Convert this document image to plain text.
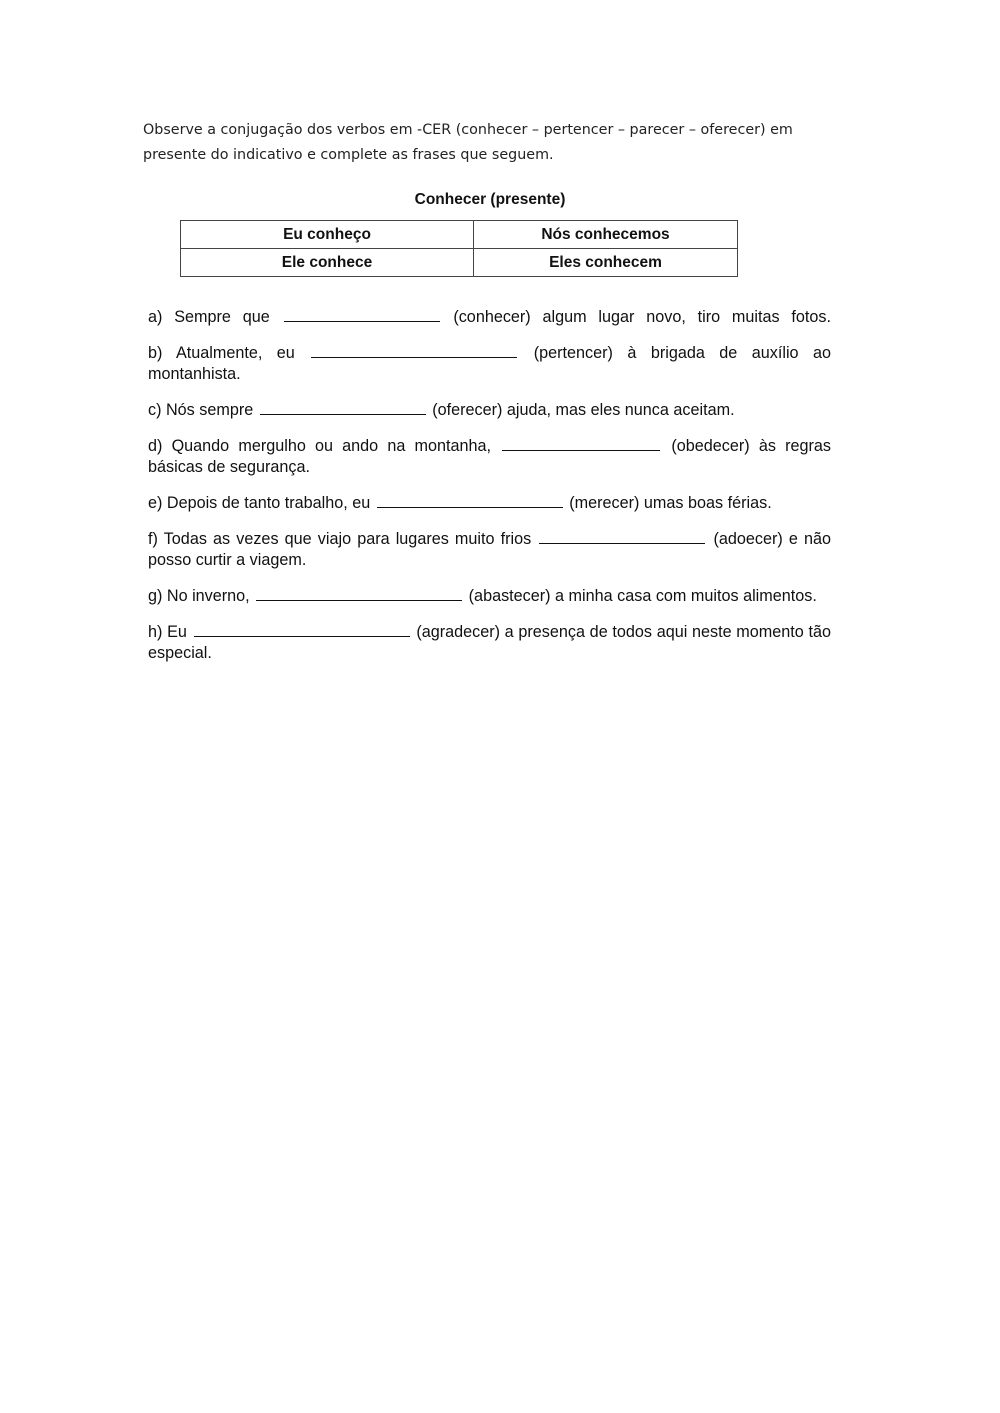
Observe a conjugação dos verbos em -CER (conhecer – pertencer – parecer – oferecer) em presente do indicativo e complete as frases que seguem.
Conhecer (presente)
Eu conheço	Nós conhecemos
Ele conhece	Eles conhecem
a) Sempre que	(conhecer) algum lugar novo, tiro muitas fotos.
b) Atualmente, eu	(pertencer) à brigada de auxílio ao montanhista.
c) Nós sempre	(oferecer) ajuda, mas eles nunca aceitam.
d) Quando mergulho ou ando na montanha,	(obedecer) às regras básicas de segurança.
e) Depois de tanto trabalho, eu	(merecer) umas boas férias.
f) Todas as vezes que viajo para lugares muito frios	(adoecer) e não posso curtir a viagem.
g) No inverno,	(abastecer) a minha casa com muitos alimentos.
h) Eu	(agradecer) a presença de todos aqui neste momento tão especial.
